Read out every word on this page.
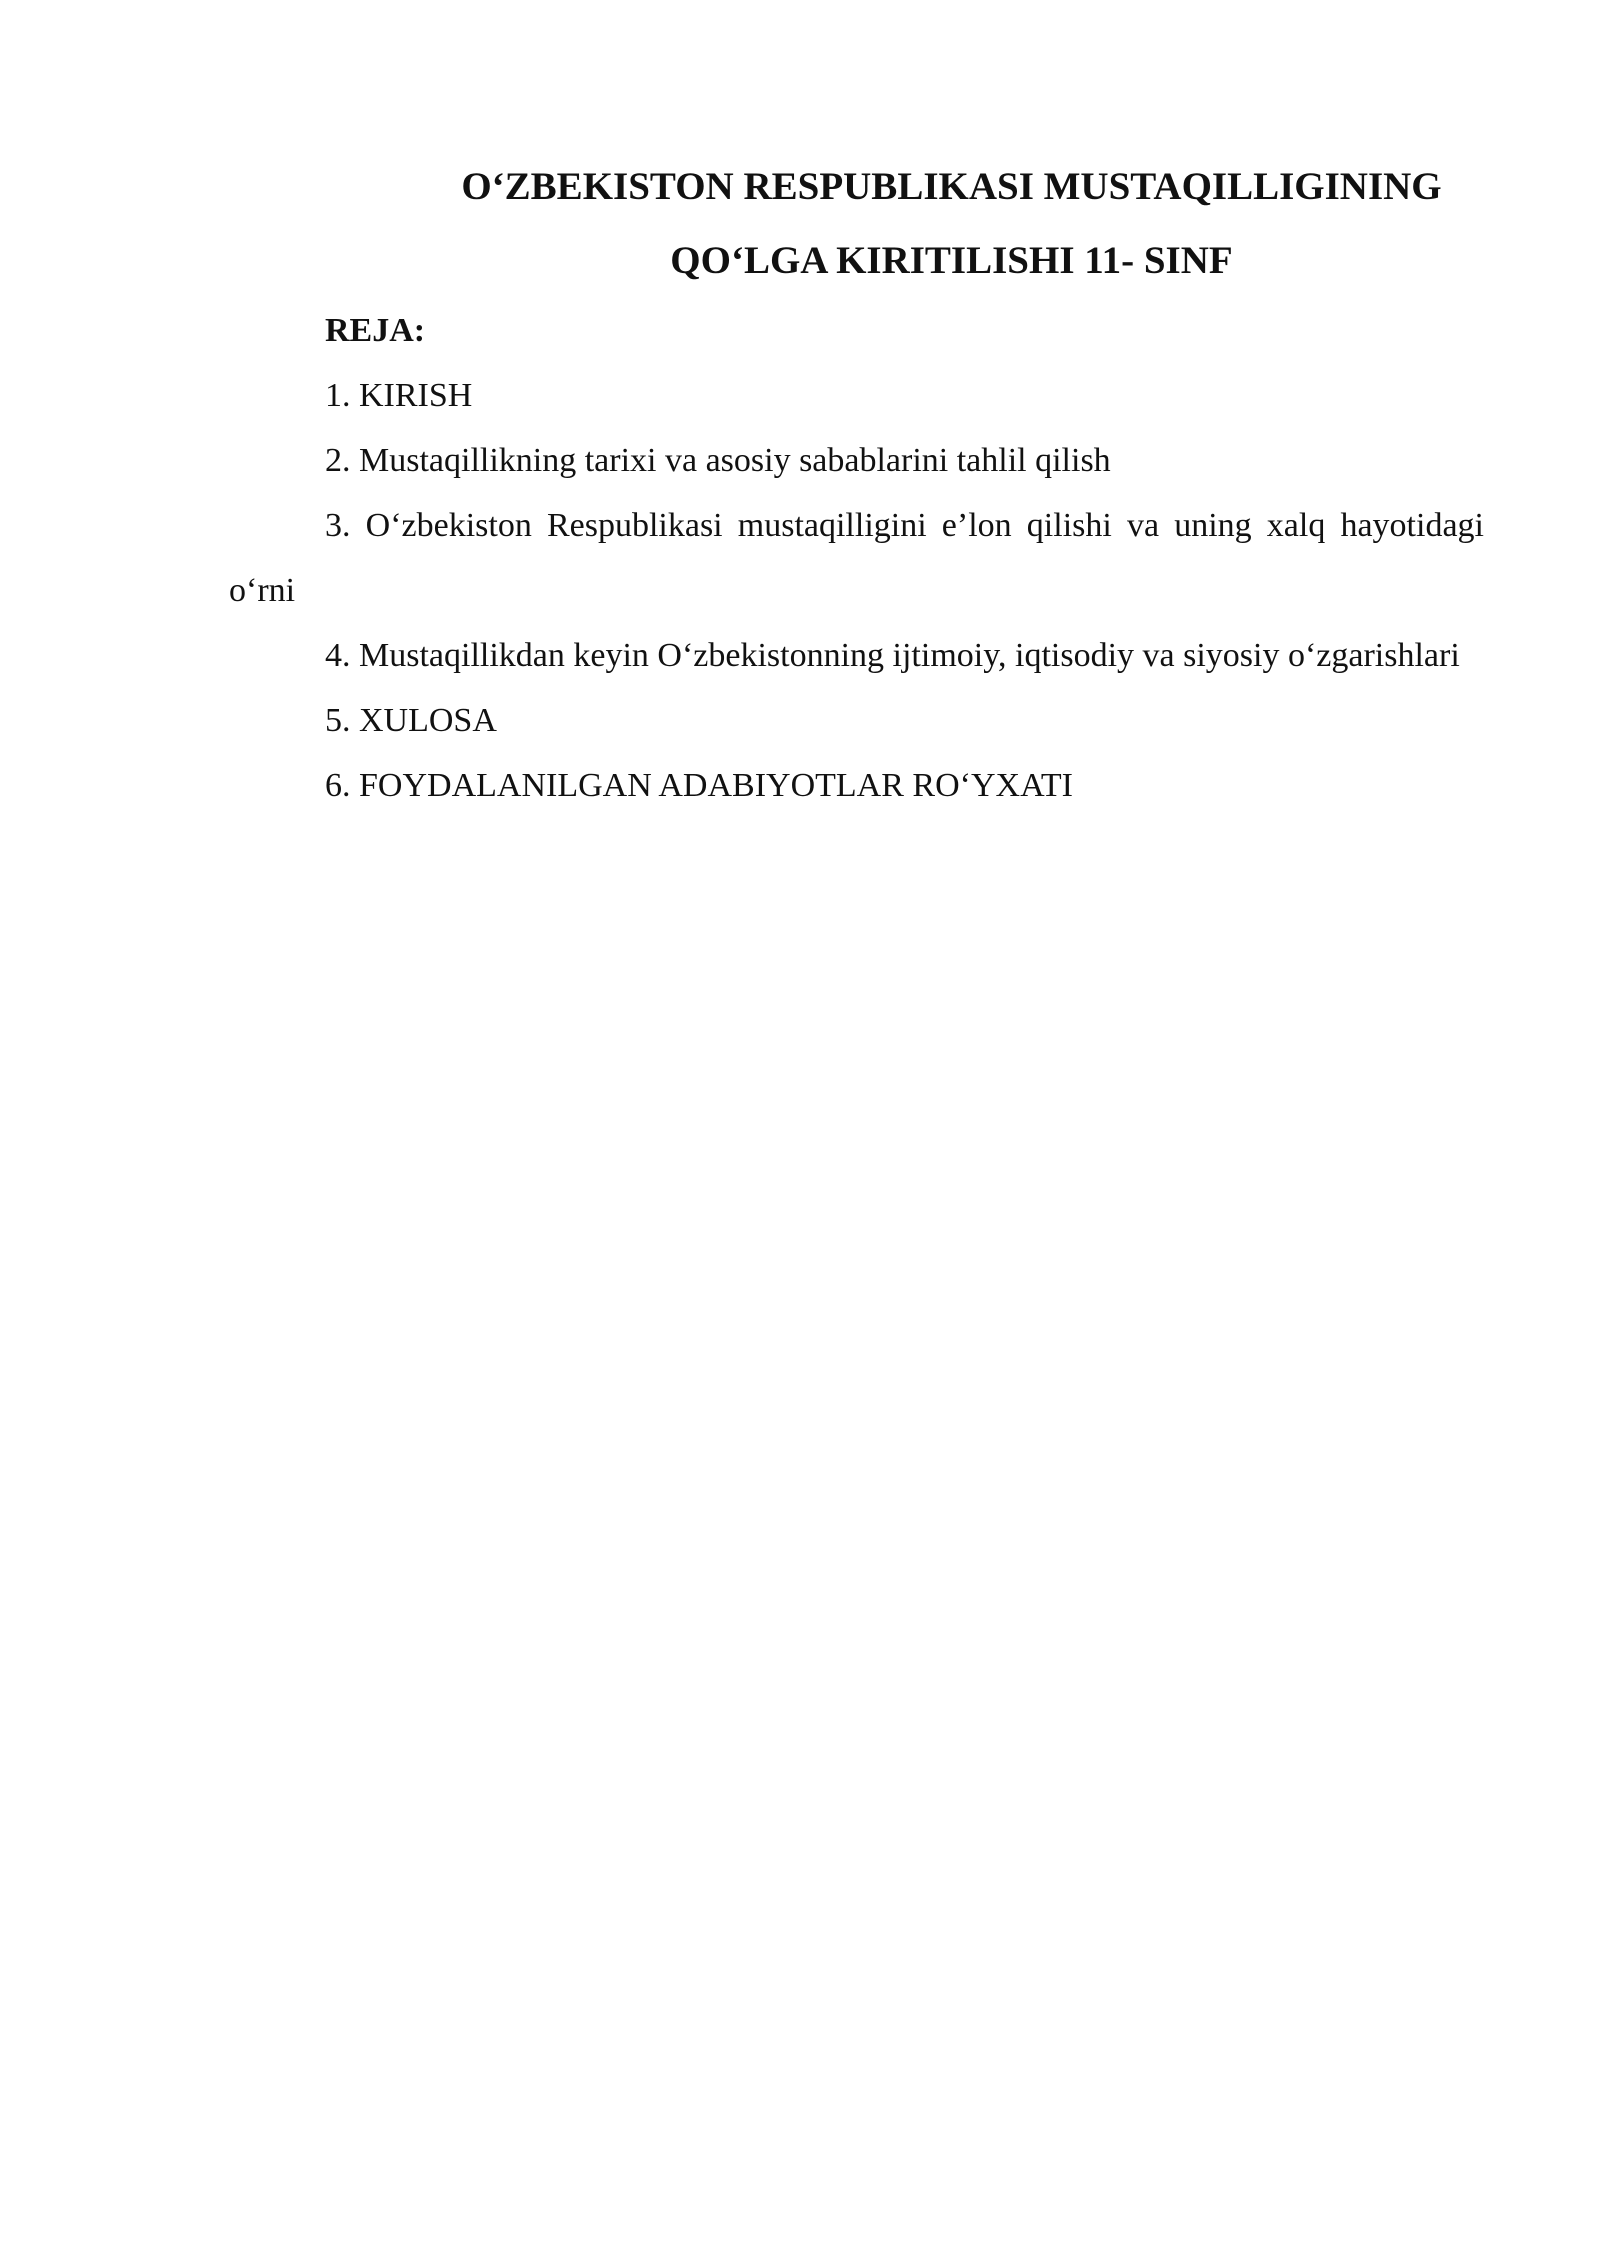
O‘ZBEKISTON RESPUBLIKASI MUSTAQILLIGINING
QO‘LGA KIRITILISHI 11- SINF

REJA:

1. KIRISH
2. Mustaqillikning tarixi va asosiy sabablarini tahlil qilish
3. O‘zbekiston Respublikasi mustaqilligini e’lon qilishi va uning xalq hayotidagi o‘rni
4. Mustaqillikdan keyin O‘zbekistonning ijtimoiy, iqtisodiy va siyosiy o‘zgarishlari
5. XULOSA
6. FOYDALANILGAN ADABIYOTLAR RO‘YXATI
